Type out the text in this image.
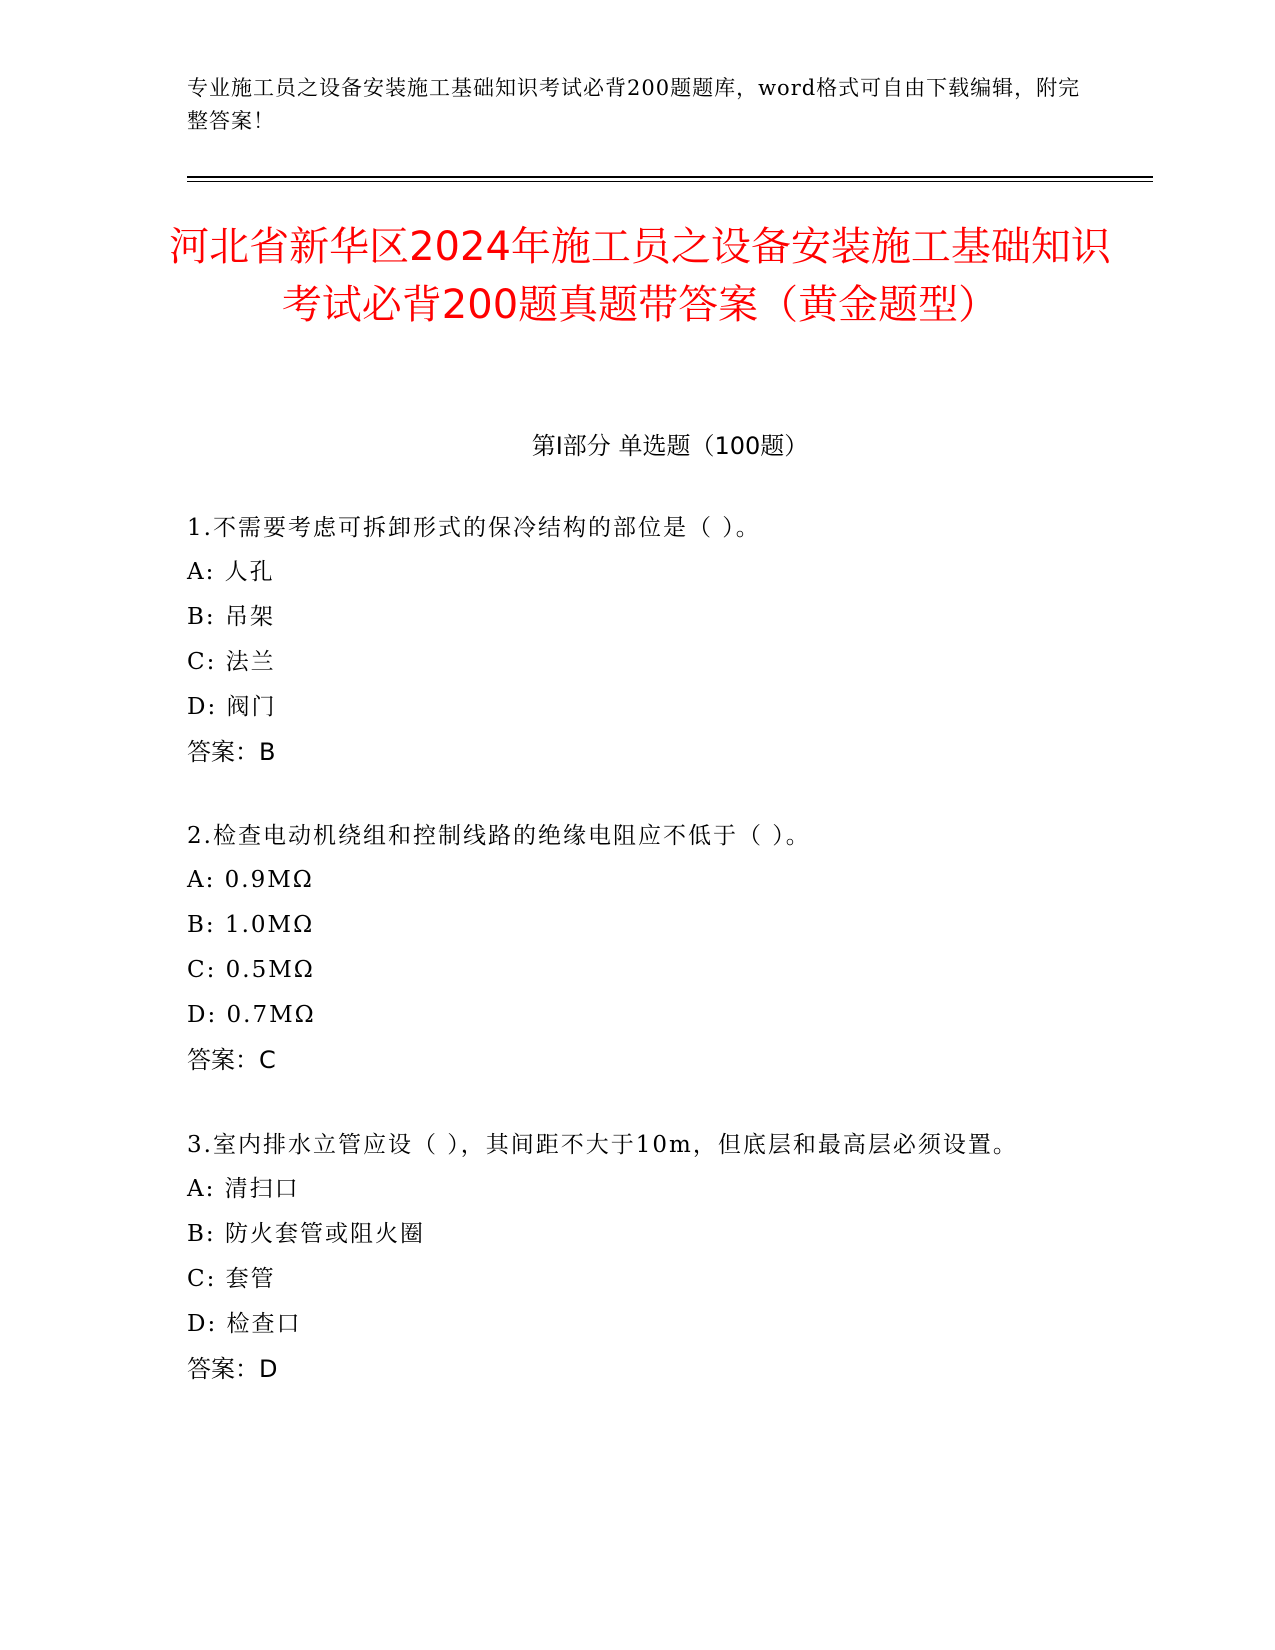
专业施工员之设备安装施工基础知识考试必背200题题库，word格式可自由下载编辑，附完整答案！
河北省新华区2024年施工员之设备安装施工基础知识考试必背200题真题带答案（黄金题型）
第Ⅰ部分 单选题（100题）
1.不需要考虑可拆卸形式的保冷结构的部位是（ ）。
A: 人孔
B: 吊架
C: 法兰
D: 阀门
答案：B
2.检查电动机绕组和控制线路的绝缘电阻应不低于（ ）。
A: 0.9MΩ
B: 1.0MΩ
C: 0.5MΩ
D: 0.7MΩ
答案：C
3.室内排水立管应设（ ），其间距不大于10m，但底层和最高层必须设置。
A: 清扫口
B: 防火套管或阻火圈
C: 套管
D: 检查口
答案：D
